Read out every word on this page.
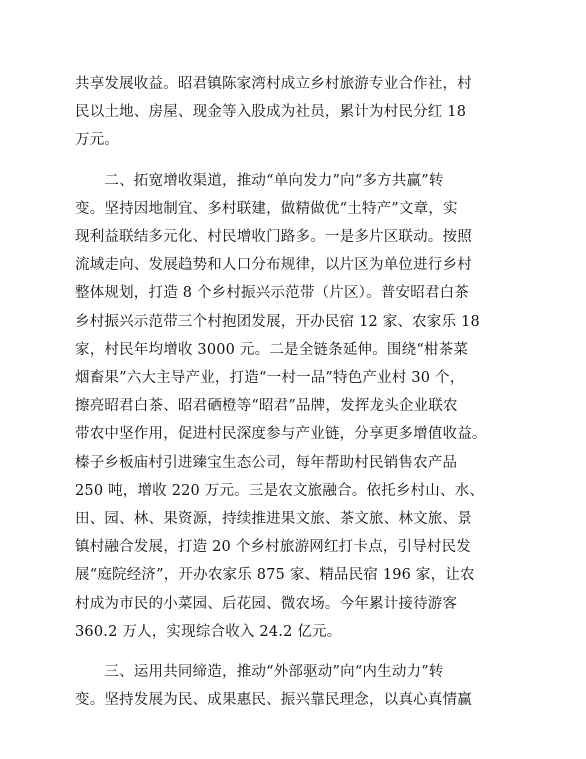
共享发展收益。昭君镇陈家湾村成立乡村旅游专业合作社，村
民以土地、房屋、现金等入股成为社员，累计为村民分红 18
万元。

　　二、拓宽增收渠道，推动“单向发力”向“多方共赢”转
变。坚持因地制宜、多村联建，做精做优“土特产”文章，实
现利益联结多元化、村民增收门路多。一是多片区联动。按照
流域走向、发展趋势和人口分布规律，以片区为单位进行乡村
整体规划，打造 8 个乡村振兴示范带（片区）。普安昭君白茶
乡村振兴示范带三个村抱团发展，开办民宿 12 家、农家乐 18
家，村民年均增收 3000 元。二是全链条延伸。围绕“柑茶菜
烟畜果”六大主导产业，打造“一村一品”特色产业村 30 个，
擦亮昭君白茶、昭君硒橙等“昭君”品牌，发挥龙头企业联农
带农中坚作用，促进村民深度参与产业链，分享更多增值收益。
榛子乡板庙村引进臻宝生态公司，每年帮助村民销售农产品
250 吨，增收 220 万元。三是农文旅融合。依托乡村山、水、
田、园、林、果资源，持续推进果文旅、茶文旅、林文旅、景
镇村融合发展，打造 20 个乡村旅游网红打卡点，引导村民发
展“庭院经济”，开办农家乐 875 家、精品民宿 196 家，让农
村成为市民的小菜园、后花园、微农场。今年累计接待游客
360.2 万人，实现综合收入 24.2 亿元。

　　三、运用共同缔造，推动“外部驱动”向“内生动力”转
变。坚持发展为民、成果惠民、振兴靠民理念，以真心真情赢
